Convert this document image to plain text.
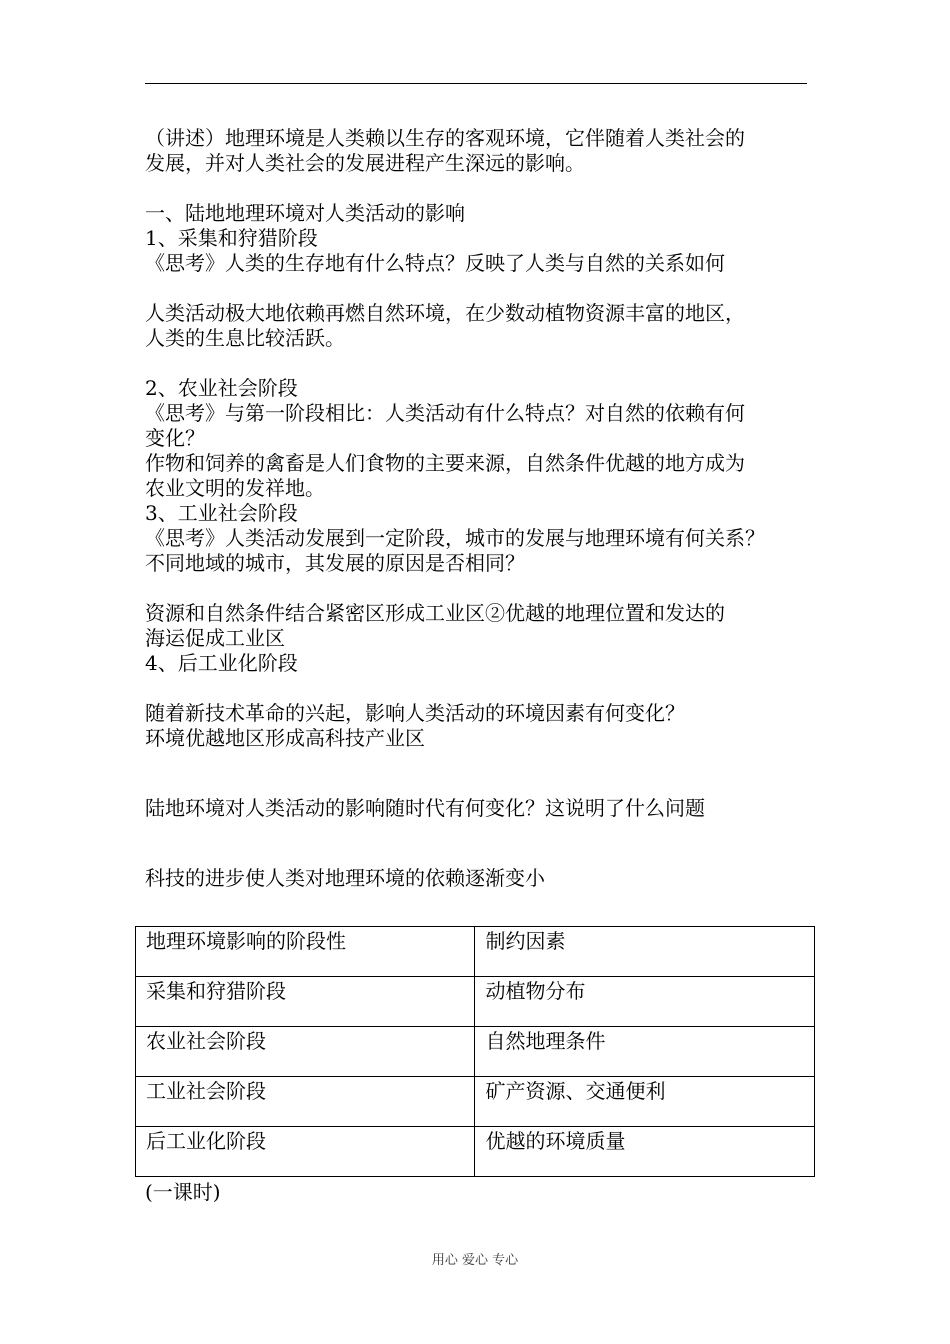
（讲述）地理环境是人类赖以生存的客观环境，它伴随着人类社会的

发展，并对人类社会的发展进程产生深远的影响。

一、陆地地理环境对人类活动的影响

1、采集和狩猎阶段

《思考》人类的生存地有什么特点？反映了人类与自然的关系如何

人类活动极大地依赖再燃自然环境，在少数动植物资源丰富的地区，

人类的生息比较活跃。

2、农业社会阶段

《思考》与第一阶段相比：人类活动有什么特点？对自然的依赖有何

变化？

作物和饲养的禽畜是人们食物的主要来源，自然条件优越的地方成为

农业文明的发祥地。

3、工业社会阶段

《思考》人类活动发展到一定阶段，城市的发展与地理环境有何关系？

不同地域的城市，其发展的原因是否相同？

资源和自然条件结合紧密区形成工业区②优越的地理位置和发达的

海运促成工业区

4、后工业化阶段

随着新技术革命的兴起，影响人类活动的环境因素有何变化？

环境优越地区形成高科技产业区

陆地环境对人类活动的影响随时代有何变化？这说明了什么问题

科技的进步使人类对地理环境的依赖逐渐变小

地理环境影响的阶段性	制约因素
采集和狩猎阶段	动植物分布
农业社会阶段	自然地理条件
工业社会阶段	矿产资源、交通便利
后工业化阶段	优越的环境质量
(一课时)
用心 爱心 专心
